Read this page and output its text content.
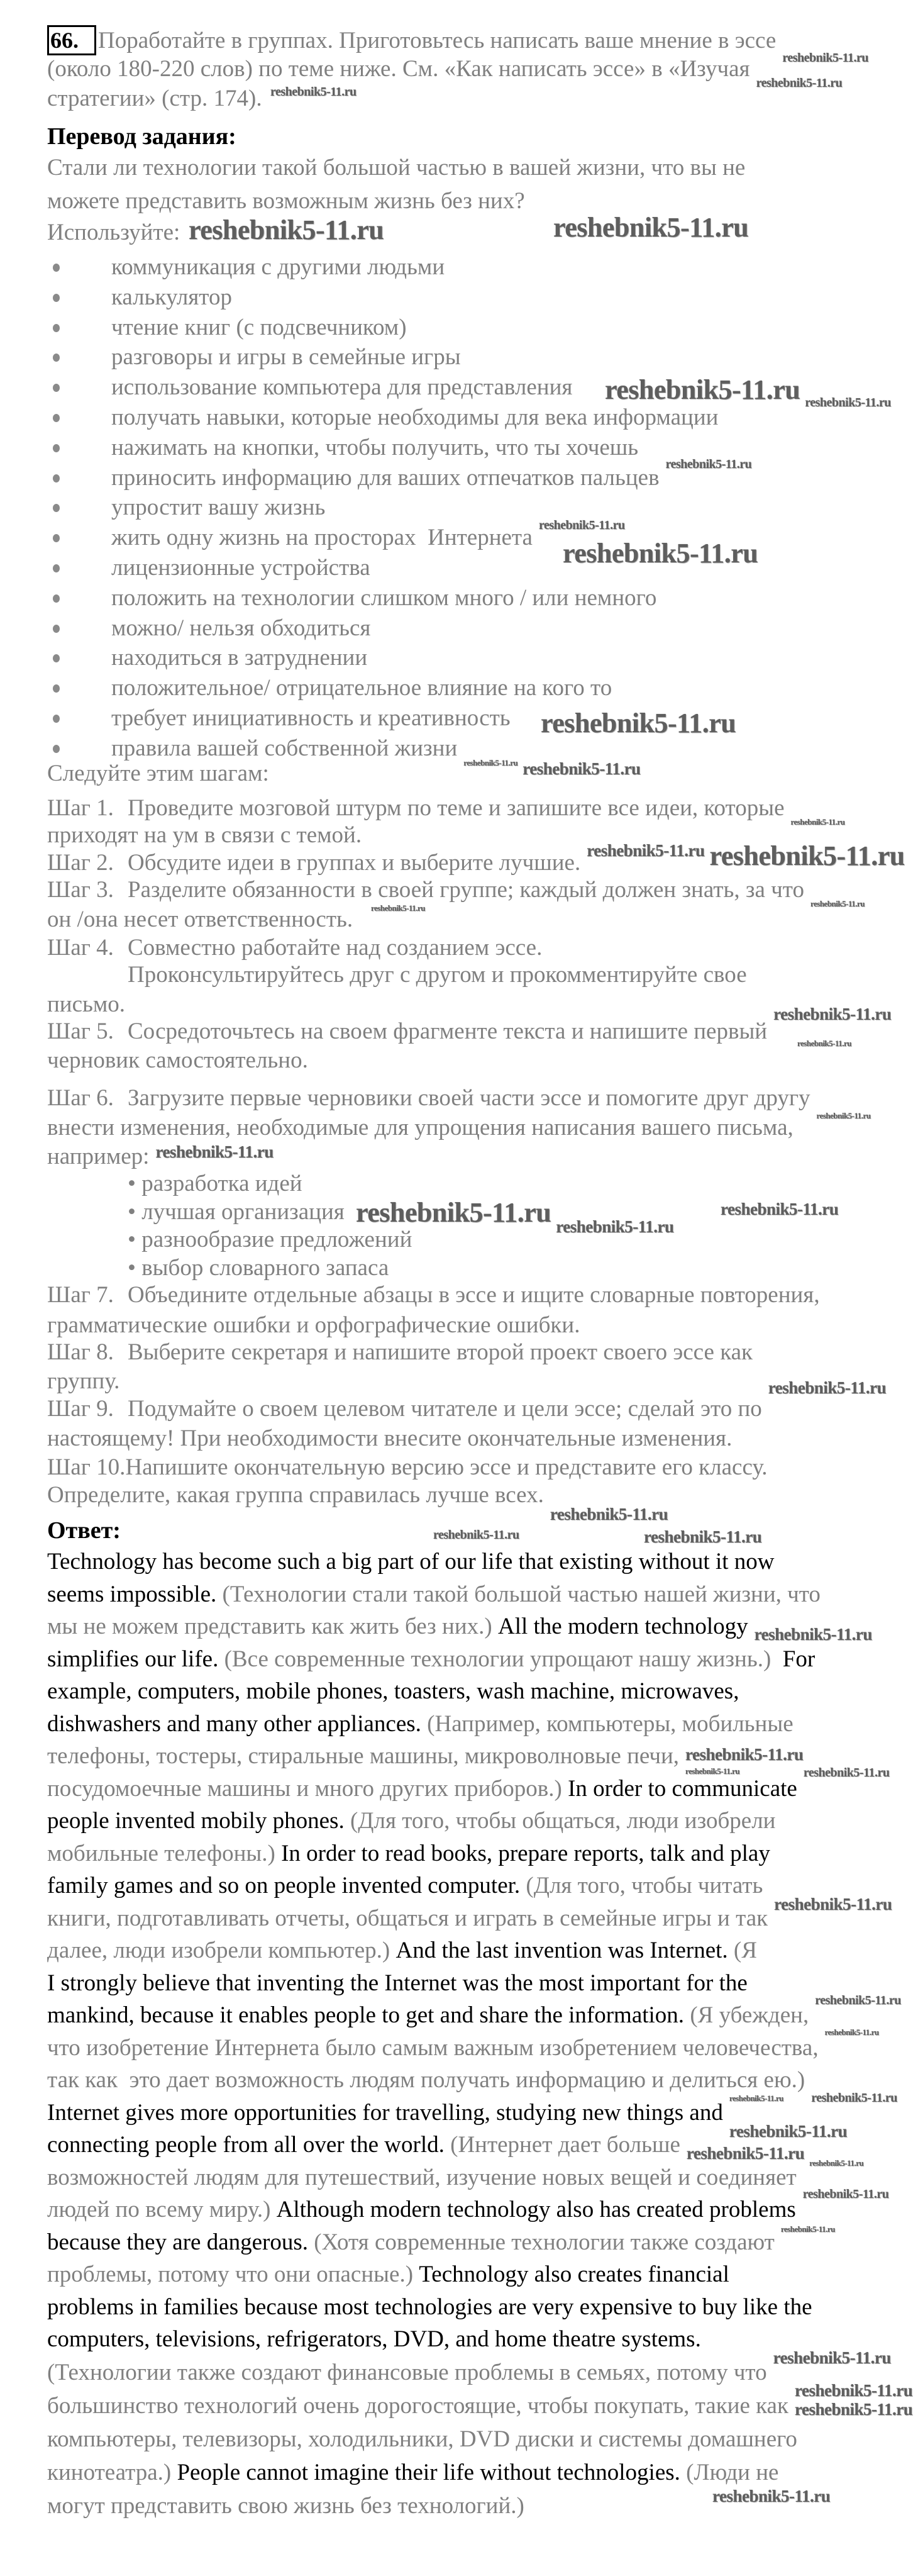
66. Поработайте в группах. Приготовьтесь написать ваше мнение в эссе
(около 180-220 слов) по теме ниже. См. «Как написать эссе» в «Изучая
стратегии» (стр. 174).
Перевод задания:
Стали ли технологии такой большой частью в вашей жизни, что вы не
можете представить возможным жизнь без них?
Используйте:
коммуникация с другими людьми
калькулятор
чтение книг (с подсвечником)
разговоры и игры в семейные игры
использование компьютера для представления
получать навыки, которые необходимы для века информации
нажимать на кнопки, чтобы получить, что ты хочешь
приносить информацию для ваших отпечатков пальцев
упростит вашу жизнь
жить одну жизнь на просторах  Интернета
лицензионные устройства
положить на технологии слишком много / или немного
можно/ нельзя обходиться
находиться в затруднении
положительное/ отрицательное влияние на кого то
требует инициативность и креативность
правила вашей собственной жизни
Следуйте этим шагам:
Шаг 1. Проведите мозговой штурм по теме и запишите все идеи, которые
приходят на ум в связи с темой.
Шаг 2. Обсудите идеи в группах и выберите лучшие.
Шаг 3. Разделите обязанности в своей группе; каждый должен знать, за что
он /она несет ответственность.
Шаг 4. Совместно работайте над созданием эссе.
Проконсультируйтесь друг с другом и прокомментируйте свое
письмо.
Шаг 5. Сосредоточьтесь на своем фрагменте текста и напишите первый
черновик самостоятельно.
Шаг 6. Загрузите первые черновики своей части эссе и помогите друг другу
внести изменения, необходимые для упрощения написания вашего письма,
например:
• разработка идей
• лучшая организация
• разнообразие предложений
• выбор словарного запаса
Шаг 7. Объедините отдельные абзацы в эссе и ищите словарные повторения,
грамматические ошибки и орфографические ошибки.
Шаг 8. Выберите секретаря и напишите второй проект своего эссе как
группу.
Шаг 9. Подумайте о своем целевом читателе и цели эссе; сделай это по
настоящему! При необходимости внесите окончательные изменения.
Шаг 10.Напишите окончательную версию эссе и представите его классу.
Определите, какая группа справилась лучше всех.
Ответ:
Technology has become such a big part of our life that existing without it now
seems impossible. (Технологии стали такой большой частью нашей жизни, что
мы не можем представить как жить без них.) All the modern technology
simplifies our life. (Все современные технологии упрощают нашу жизнь.)  For
example, computers, mobile phones, toasters, wash machine, microwaves,
dishwashers and many other appliances. (Например, компьютеры, мобильные
телефоны, тостеры, стиральные машины, микроволновые печи,
посудомоечные машины и много других приборов.) In order to communicate
people invented mobily phones. (Для того, чтобы общаться, люди изобрели
мобильные телефоны.) In order to read books, prepare reports, talk and play
family games and so on people invented computer. (Для того, чтобы читать
книги, подготавливать отчеты, общаться и играть в семейные игры и так
далее, люди изобрели компьютер.) And the last invention was Internet. (Я
I strongly believe that inventing the Internet was the most important for the
mankind, because it enables people to get and share the information. (Я убежден,
что изобретение Интернета было самым важным изобретением человечества,
так как  это дает возможность людям получать информацию и делиться ею.)
Internet gives more opportunities for travelling, studying new things and
connecting people from all over the world. (Интернет дает больше
возможностей людям для путешествий, изучение новых вещей и соединяет
людей по всему миру.) Although modern technology also has created problems
because they are dangerous. (Хотя современные технологии также создают
проблемы, потому что они опасные.) Technology also creates financial
problems in families because most technologies are very expensive to buy like the
computers, televisions, refrigerators, DVD, and home theatre systems.
(Технологии также создают финансовые проблемы в семьях, потому что
большинство технологий очень дорогостоящие, чтобы покупать, такие как
компьютеры, телевизоры, холодильники, DVD диски и системы домашнего
кинотеатра.) People cannot imagine their life without technologies. (Люди не
могут представить свою жизнь без технологий.)
reshebnik5-11.ru
reshebnik5-11.ru
reshebnik5-11.ru
reshebnik5-11.ru
reshebnik5-11.ru
reshebnik5-11.ru reshebnik5-11.ru
reshebnik5-11.ru
reshebnik5-11.ru
reshebnik5-11.ru
reshebnik5-11.ru
reshebnik5-11.ru reshebnik5-11.ru
reshebnik5-11.ru
reshebnik5-11.ru reshebnik5-11.ru
reshebnik5-11.ru
reshebnik5-11.ru
reshebnik5-11.ru
reshebnik5-11.ru
reshebnik5-11.ru
reshebnik5-11.ru
reshebnik5-11.ru	reshebnik5-11.ru
reshebnik5-11.ru
reshebnik5-11.ru
reshebnik5-11.ru
reshebnik5-11.ru	reshebnik5-11.ru
reshebnik5-11.ru
reshebnik5-11.ru
reshebnik5-11.ru
reshebnik5-11.ru
reshebnik5-11.ru
reshebnik5-11.ru
reshebnik5-11.ru
reshebnik5-11.ru
reshebnik5-11.ru
reshebnik5-11.ru
reshebnik5-11.ru reshebnik5-11.ru
reshebnik5-11.ru
reshebnik5-11.ru
reshebnik5-11.ru
reshebnik5-11.ru
reshebnik5-11.ru
reshebnik5-11.ru
